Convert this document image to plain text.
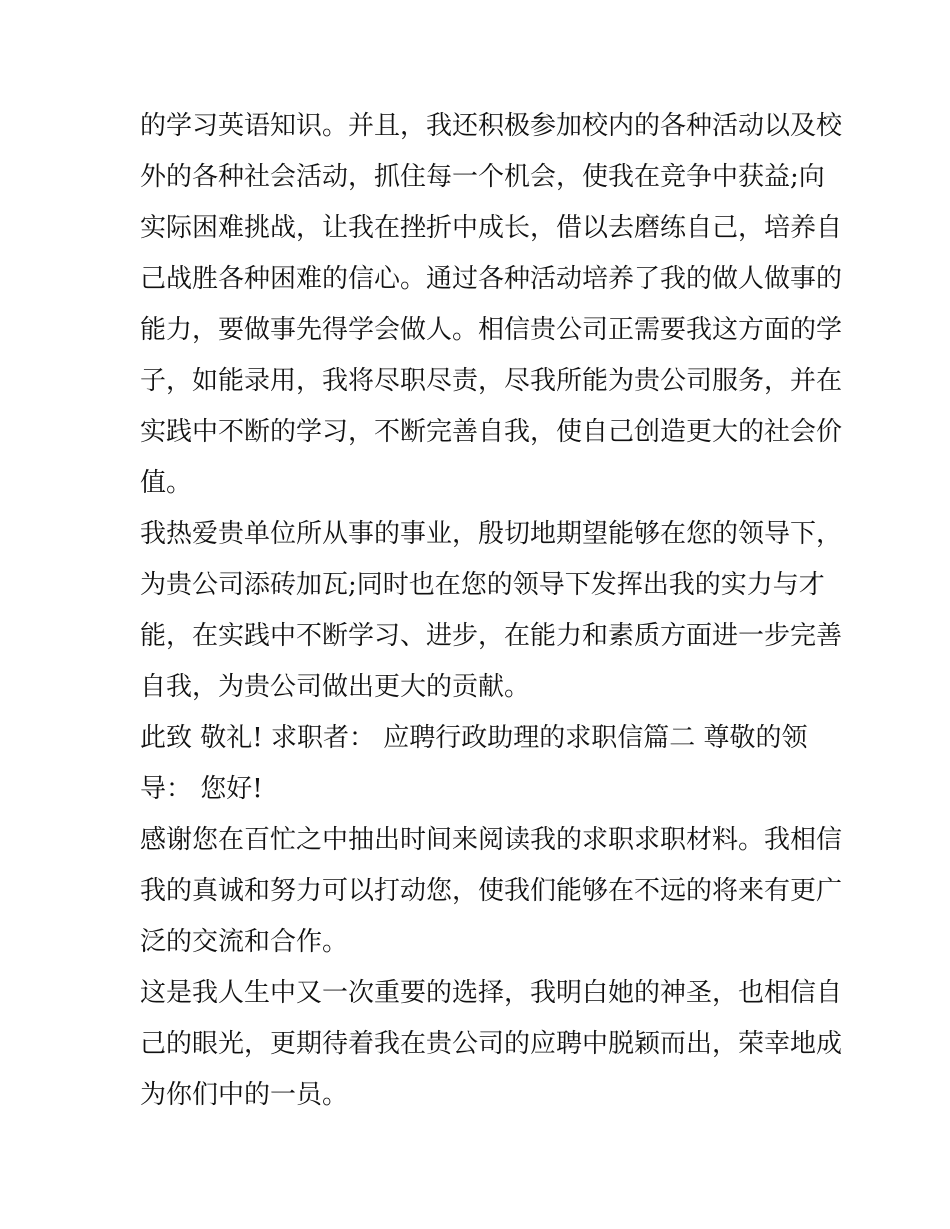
的学习英语知识。并且，我还积极参加校内的各种活动以及校
外的各种社会活动，抓住每一个机会，使我在竞争中获益;向
实际困难挑战，让我在挫折中成长，借以去磨练自己，培养自
己战胜各种困难的信心。通过各种活动培养了我的做人做事的
能力，要做事先得学会做人。相信贵公司正需要我这方面的学
子，如能录用，我将尽职尽责，尽我所能为贵公司服务，并在
实践中不断的学习，不断完善自我，使自己创造更大的社会价
值。
我热爱贵单位所从事的事业，殷切地期望能够在您的领导下，
为贵公司添砖加瓦;同时也在您的领导下发挥出我的实力与才
能，在实践中不断学习、进步，在能力和素质方面进一步完善
自我，为贵公司做出更大的贡献。
此致 敬礼! 求职者： 应聘行政助理的求职信篇二 尊敬的领
导： 您好!
感谢您在百忙之中抽出时间来阅读我的求职求职材料。我相信
我的真诚和努力可以打动您，使我们能够在不远的将来有更广
泛的交流和合作。
这是我人生中又一次重要的选择，我明白她的神圣，也相信自
己的眼光，更期待着我在贵公司的应聘中脱颖而出，荣幸地成
为你们中的一员。
